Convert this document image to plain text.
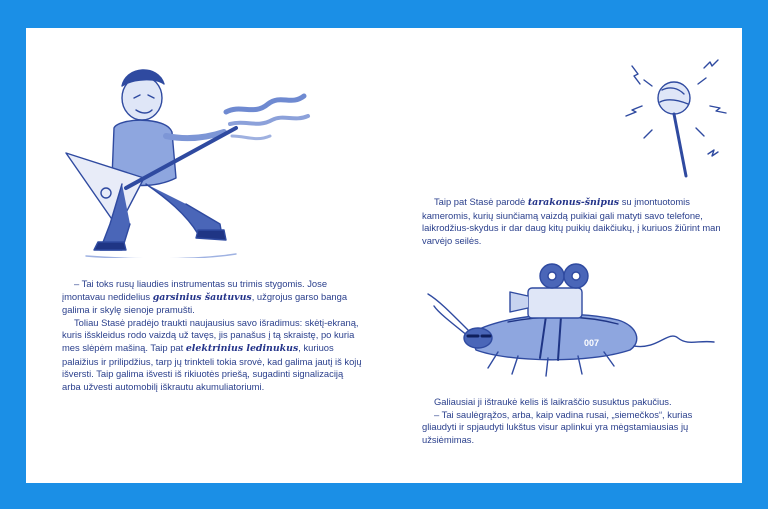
– Tai toks rusų liaudies instrumentas su trimis stygomis. Jose įmontavau nedidelius garsinius šautuvus, užgrojus garso banga galima ir skylę sienoje pramušti.

Toliau Stasė pradėjo traukti naujausius savo išradimus: skėtį-ekraną, kuris išskleidus rodo vaizdą už tavęs, jis panašus į tą skraistę, po kuria mes slėpėm mašiną. Taip pat elektrinius ledinukus, kuriuos palaižius ir prilipdžius, tarp jų trinkteli tokia srovė, kad galima jautį iš kojų išversti. Taip galima išvesti iš rikiuotės priešą, sugadinti signalizaciją arba užvesti automobilį iškrautu akumuliatoriumi.

Taip pat Stasė parodė tarakonus-šnipus su įmontuotomis kameromis, kurių siunčiamą vaizdą puikiai gali matyti savo telefone, laikrodžius-skydus ir dar daug kitų puikių daikčiukų, į kuriuos žiūrint man varvėjo seilės.

007

Galiausiai ji ištraukė kelis iš laikraščio susuktus pakučius.

– Tai saulėgrąžos, arba, kaip vadina rusai, „siemečkos“, kurias gliaudyti ir spjaudyti lukštus visur aplinkui yra mėgstamiausias jų užsiėmimas.
